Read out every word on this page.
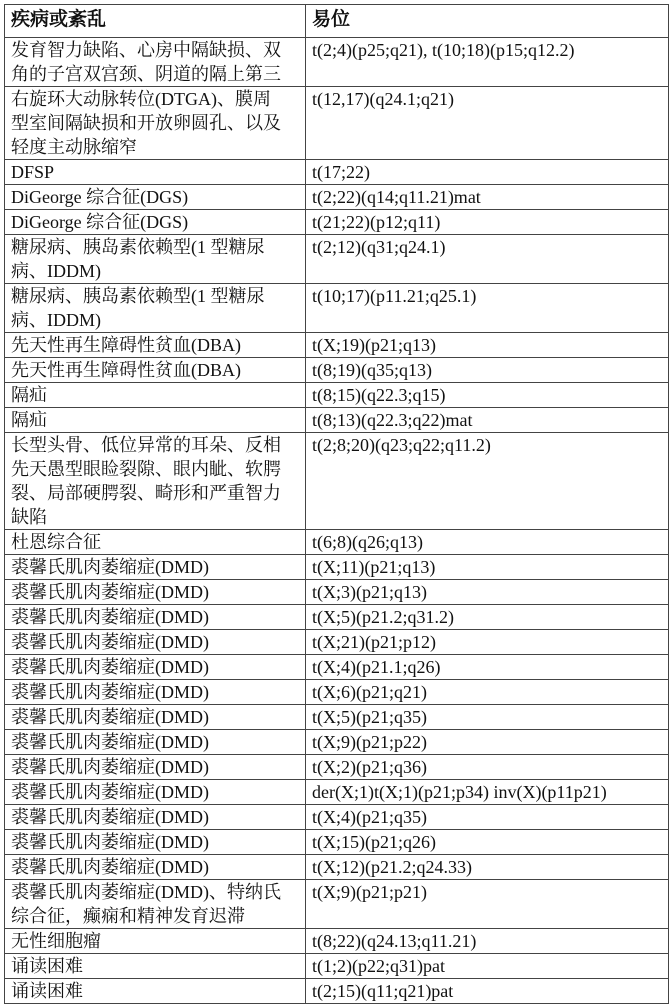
疾病或紊乱	易位

发育智力缺陷、心房中隔缺损、双
角的子宫双宫颈、阴道的隔上第三
	t(2;4)(p25;q21), t(10;18)(p15;q12.2)

右旋环大动脉转位(DTGA)、膜周
型室间隔缺损和开放卵圆孔、以及
轻度主动脉缩窄
	t(12,17)(q24.1;q21)

DFSP	t(17;22)

DiGeorge 综合征(DGS)	t(2;22)(q14;q11.21)mat

DiGeorge 综合征(DGS)	t(21;22)(p12;q11)

糖尿病、胰岛素依赖型(1 型糖尿
病、IDDM)
	t(2;12)(q31;q24.1)

糖尿病、胰岛素依赖型(1 型糖尿
病、IDDM)
	t(10;17)(p11.21;q25.1)

先天性再生障碍性贫血(DBA)	t(X;19)(p21;q13)

先天性再生障碍性贫血(DBA)	t(8;19)(q35;q13)

隔疝	t(8;15)(q22.3;q15)

隔疝	t(8;13)(q22.3;q22)mat

长型头骨、低位异常的耳朵、反相
先天愚型眼睑裂隙、眼内眦、软腭
裂、局部硬腭裂、畸形和严重智力
缺陷
	t(2;8;20)(q23;q22;q11.2)

杜恩综合征	t(6;8)(q26;q13)

裘馨氏肌肉萎缩症(DMD)	t(X;11)(p21;q13)

裘馨氏肌肉萎缩症(DMD)	t(X;3)(p21;q13)

裘馨氏肌肉萎缩症(DMD)	t(X;5)(p21.2;q31.2)

裘馨氏肌肉萎缩症(DMD)	t(X;21)(p21;p12)

裘馨氏肌肉萎缩症(DMD)	t(X;4)(p21.1;q26)

裘馨氏肌肉萎缩症(DMD)	t(X;6)(p21;q21)

裘馨氏肌肉萎缩症(DMD)	t(X;5)(p21;q35)

裘馨氏肌肉萎缩症(DMD)	t(X;9)(p21;p22)

裘馨氏肌肉萎缩症(DMD)	t(X;2)(p21;q36)

裘馨氏肌肉萎缩症(DMD)	der(X;1)t(X;1)(p21;p34) inv(X)(p11p21)

裘馨氏肌肉萎缩症(DMD)	t(X;4)(p21;q35)

裘馨氏肌肉萎缩症(DMD)	t(X;15)(p21;q26)

裘馨氏肌肉萎缩症(DMD)	t(X;12)(p21.2;q24.33)

裘馨氏肌肉萎缩症(DMD)、特纳氏
综合征，癫痫和精神发育迟滞
	t(X;9)(p21;p21)

无性细胞瘤	t(8;22)(q24.13;q11.21)

诵读困难	t(1;2)(p22;q31)pat

诵读困难	t(2;15)(q11;q21)pat
